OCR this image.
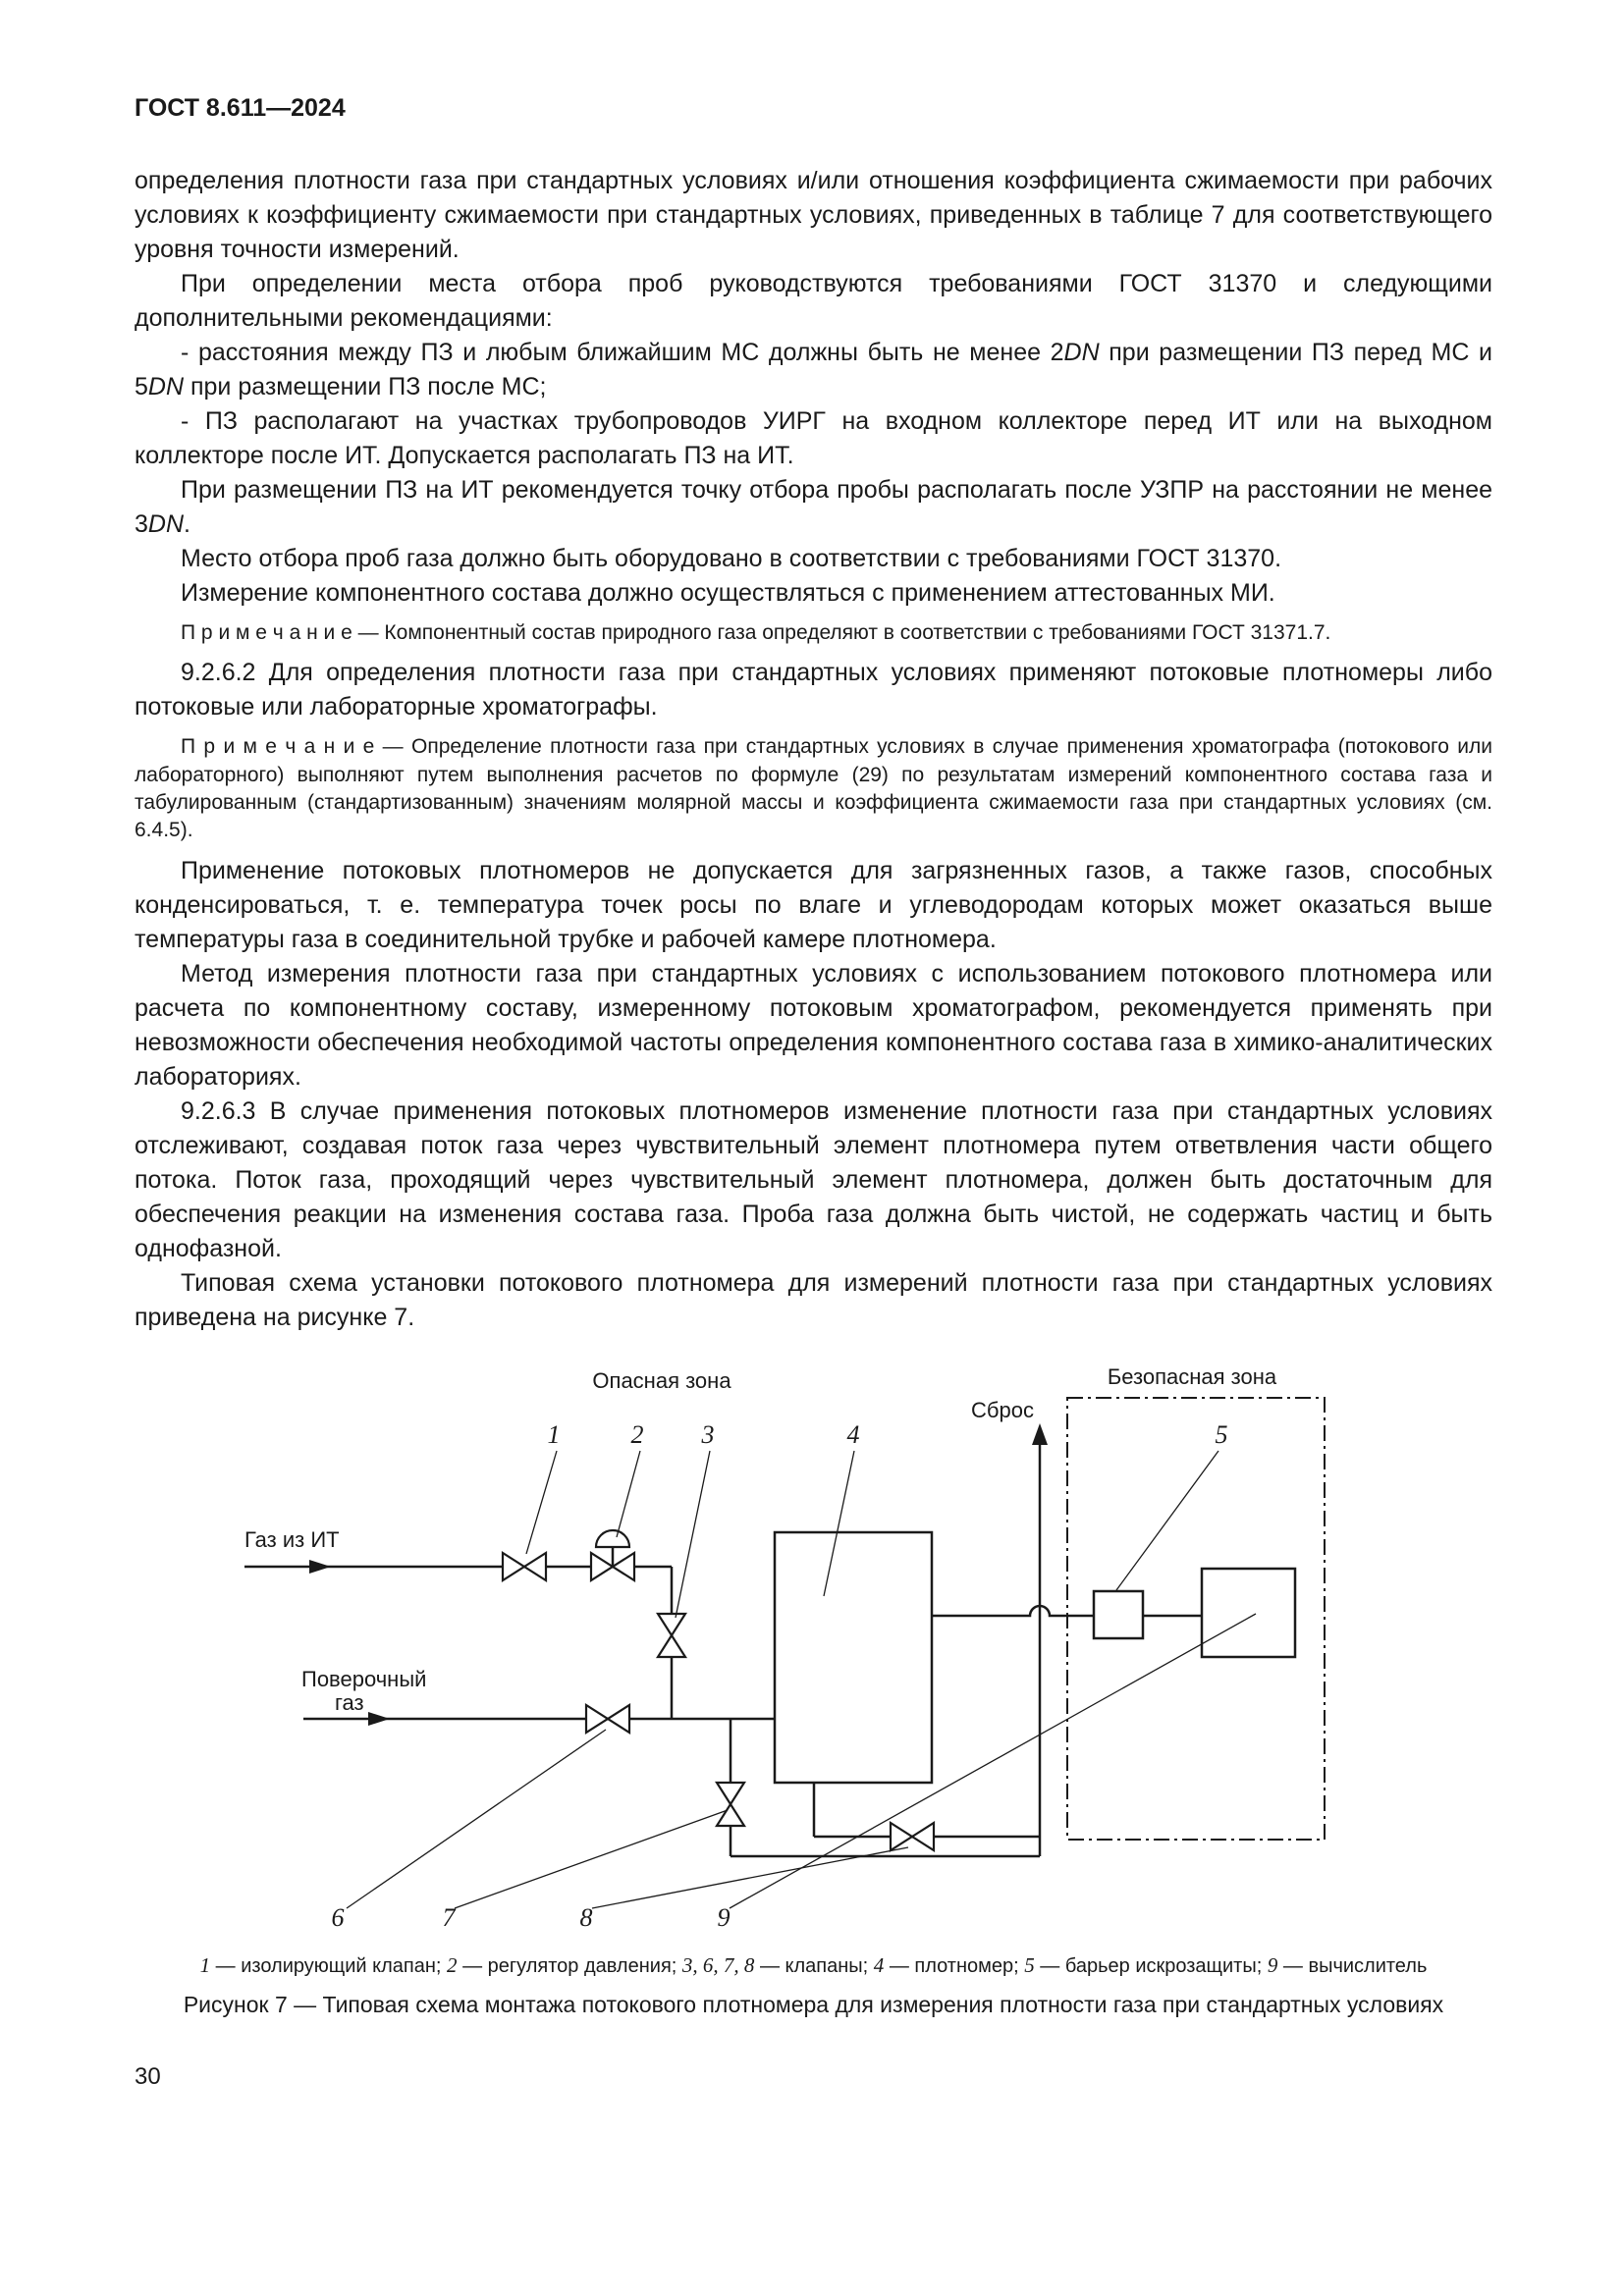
ГОСТ 8.611—2024

определения плотности газа при стандартных условиях и/или отношения коэффициента сжимаемости при рабочих условиях к коэффициенту сжимаемости при стандартных условиях, приведенных в таблице 7 для соответствующего уровня точности измерений.

При определении места отбора проб руководствуются требованиями ГОСТ 31370 и следующими дополнительными рекомендациями:

- расстояния между ПЗ и любым ближайшим МС должны быть не менее 2DN при размещении ПЗ перед МС и 5DN при размещении ПЗ после МС;

- ПЗ располагают на участках трубопроводов УИРГ на входном коллекторе перед ИТ или на выходном коллекторе после ИТ. Допускается располагать ПЗ на ИТ.

При размещении ПЗ на ИТ рекомендуется точку отбора пробы располагать после УЗПР на расстоянии не менее 3DN.

Место отбора проб газа должно быть оборудовано в соответствии с требованиями ГОСТ 31370.

Измерение компонентного состава должно осуществляться с применением аттестованных МИ.

П р и м е ч а н и е — Компонентный состав природного газа определяют в соответствии с требованиями ГОСТ 31371.7.

9.2.6.2 Для определения плотности газа при стандартных условиях применяют потоковые плотномеры либо потоковые или лабораторные хроматографы.

П р и м е ч а н и е — Определение плотности газа при стандартных условиях в случае применения хроматографа (потокового или лабораторного) выполняют путем выполнения расчетов по формуле (29) по результатам измерений компонентного состава газа и табулированным (стандартизованным) значениям молярной массы и коэффициента сжимаемости газа при стандартных условиях (см. 6.4.5).

Применение потоковых плотномеров не допускается для загрязненных газов, а также газов, способных конденсироваться, т. е. температура точек росы по влаге и углеводородам которых может оказаться выше температуры газа в соединительной трубке и рабочей камере плотномера.

Метод измерения плотности газа при стандартных условиях с использованием потокового плотномера или расчета по компонентному составу, измеренному потоковым хроматографом, рекомендуется применять при невозможности обеспечения необходимой частоты определения компонентного состава газа в химико-аналитических лабораториях.

9.2.6.3 В случае применения потоковых плотномеров изменение плотности газа при стандартных условиях отслеживают, создавая поток газа через чувствительный элемент плотномера путем ответвления части общего потока. Поток газа, проходящий через чувствительный элемент плотномера, должен быть достаточным для обеспечения реакции на изменения состава газа. Проба газа должна быть чистой, не содержать частиц и быть однофазной.

Типовая схема установки потокового плотномера для измерений плотности газа при стандартных условиях приведена на рисунке 7.

Опасная зона	Безопасная зона
1	2 3	4	5
6	7	8	9
Газ из ИТ
Поверочный
газ
Сброс
1 — изолирующий клапан; 2 — регулятор давления; 3, 6, 7, 8 — клапаны; 4 — плотномер; 5 — барьер искрозащиты; 9 — вычислитель
Рисунок 7 — Типовая схема монтажа потокового плотномера для измерения плотности газа при стандартных условиях
30
